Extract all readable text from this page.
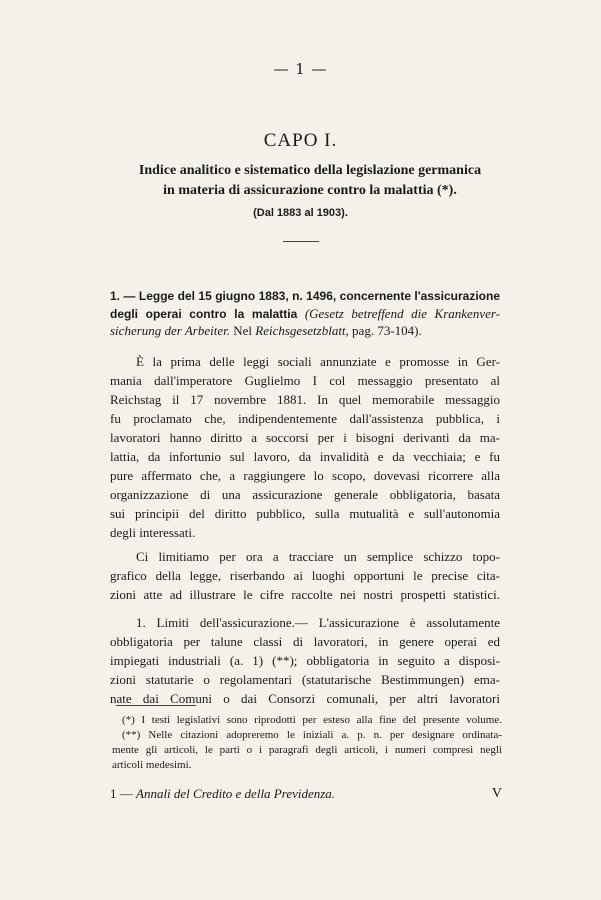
— 1 —
CAPO I.
Indice analitico e sistematico della legislazione germanica
in materia di assicurazione contro la malattia (*).
(Dal 1883 al 1903).
1. — Legge del 15 giugno 1883, n. 1496, concernente l'assicurazione
degli operai contro la malattia (Gesetz betreffend die Krankenver-
sicherung der Arbeiter. Nel Reichsgesetzblatt, pag. 73-104).
È la prima delle leggi sociali annunziate e promosse in Ger-
mania dall'imperatore Guglielmo I col messaggio presentato al
Reichstag il 17 novembre 1881. In quel memorabile messaggio
fu proclamato che, indipendentemente dall'assistenza pubblica, i
lavoratori hanno diritto a soccorsi per i bisogni derivanti da ma-
lattia, da infortunio sul lavoro, da invalidità e da vecchiaia; e fu
pure affermato che, a raggiungere lo scopo, dovevasi ricorrere alla
organizzazione di una assicurazione generale obbligatoria, basata
sui principii del diritto pubblico, sulla mutualità e sull'autonomia
degli interessati.
Ci limitiamo per ora a tracciare un semplice schizzo topo-
grafico della legge, riserbando ai luoghi opportuni le precise cita-
zioni atte ad illustrare le cifre raccolte nei nostri prospetti statistici.
1. Limiti dell'assicurazione.— L'assicurazione è assolutamente
obbligatoria per talune classi di lavoratori, in genere operai ed
impiegati industriali (a. 1) (**); obbligatoria in seguito a disposi-
zioni statutarie o regolamentari (statutarische Bestimmungen) ema-
nate dai Comuni o dai Consorzi comunali, per altri lavoratori
(*) I testi legislativi sono riprodotti per esteso alla fine del presente volume.
(**) Nelle citazioni adopreremo le iniziali a. p. n. per designare ordinata-
mente gli articoli, le parti o i paragrafi degli articoli, i numeri compresi negli
articoli medesimi.
1 — Annali del Credito e della Previdenza.	V
